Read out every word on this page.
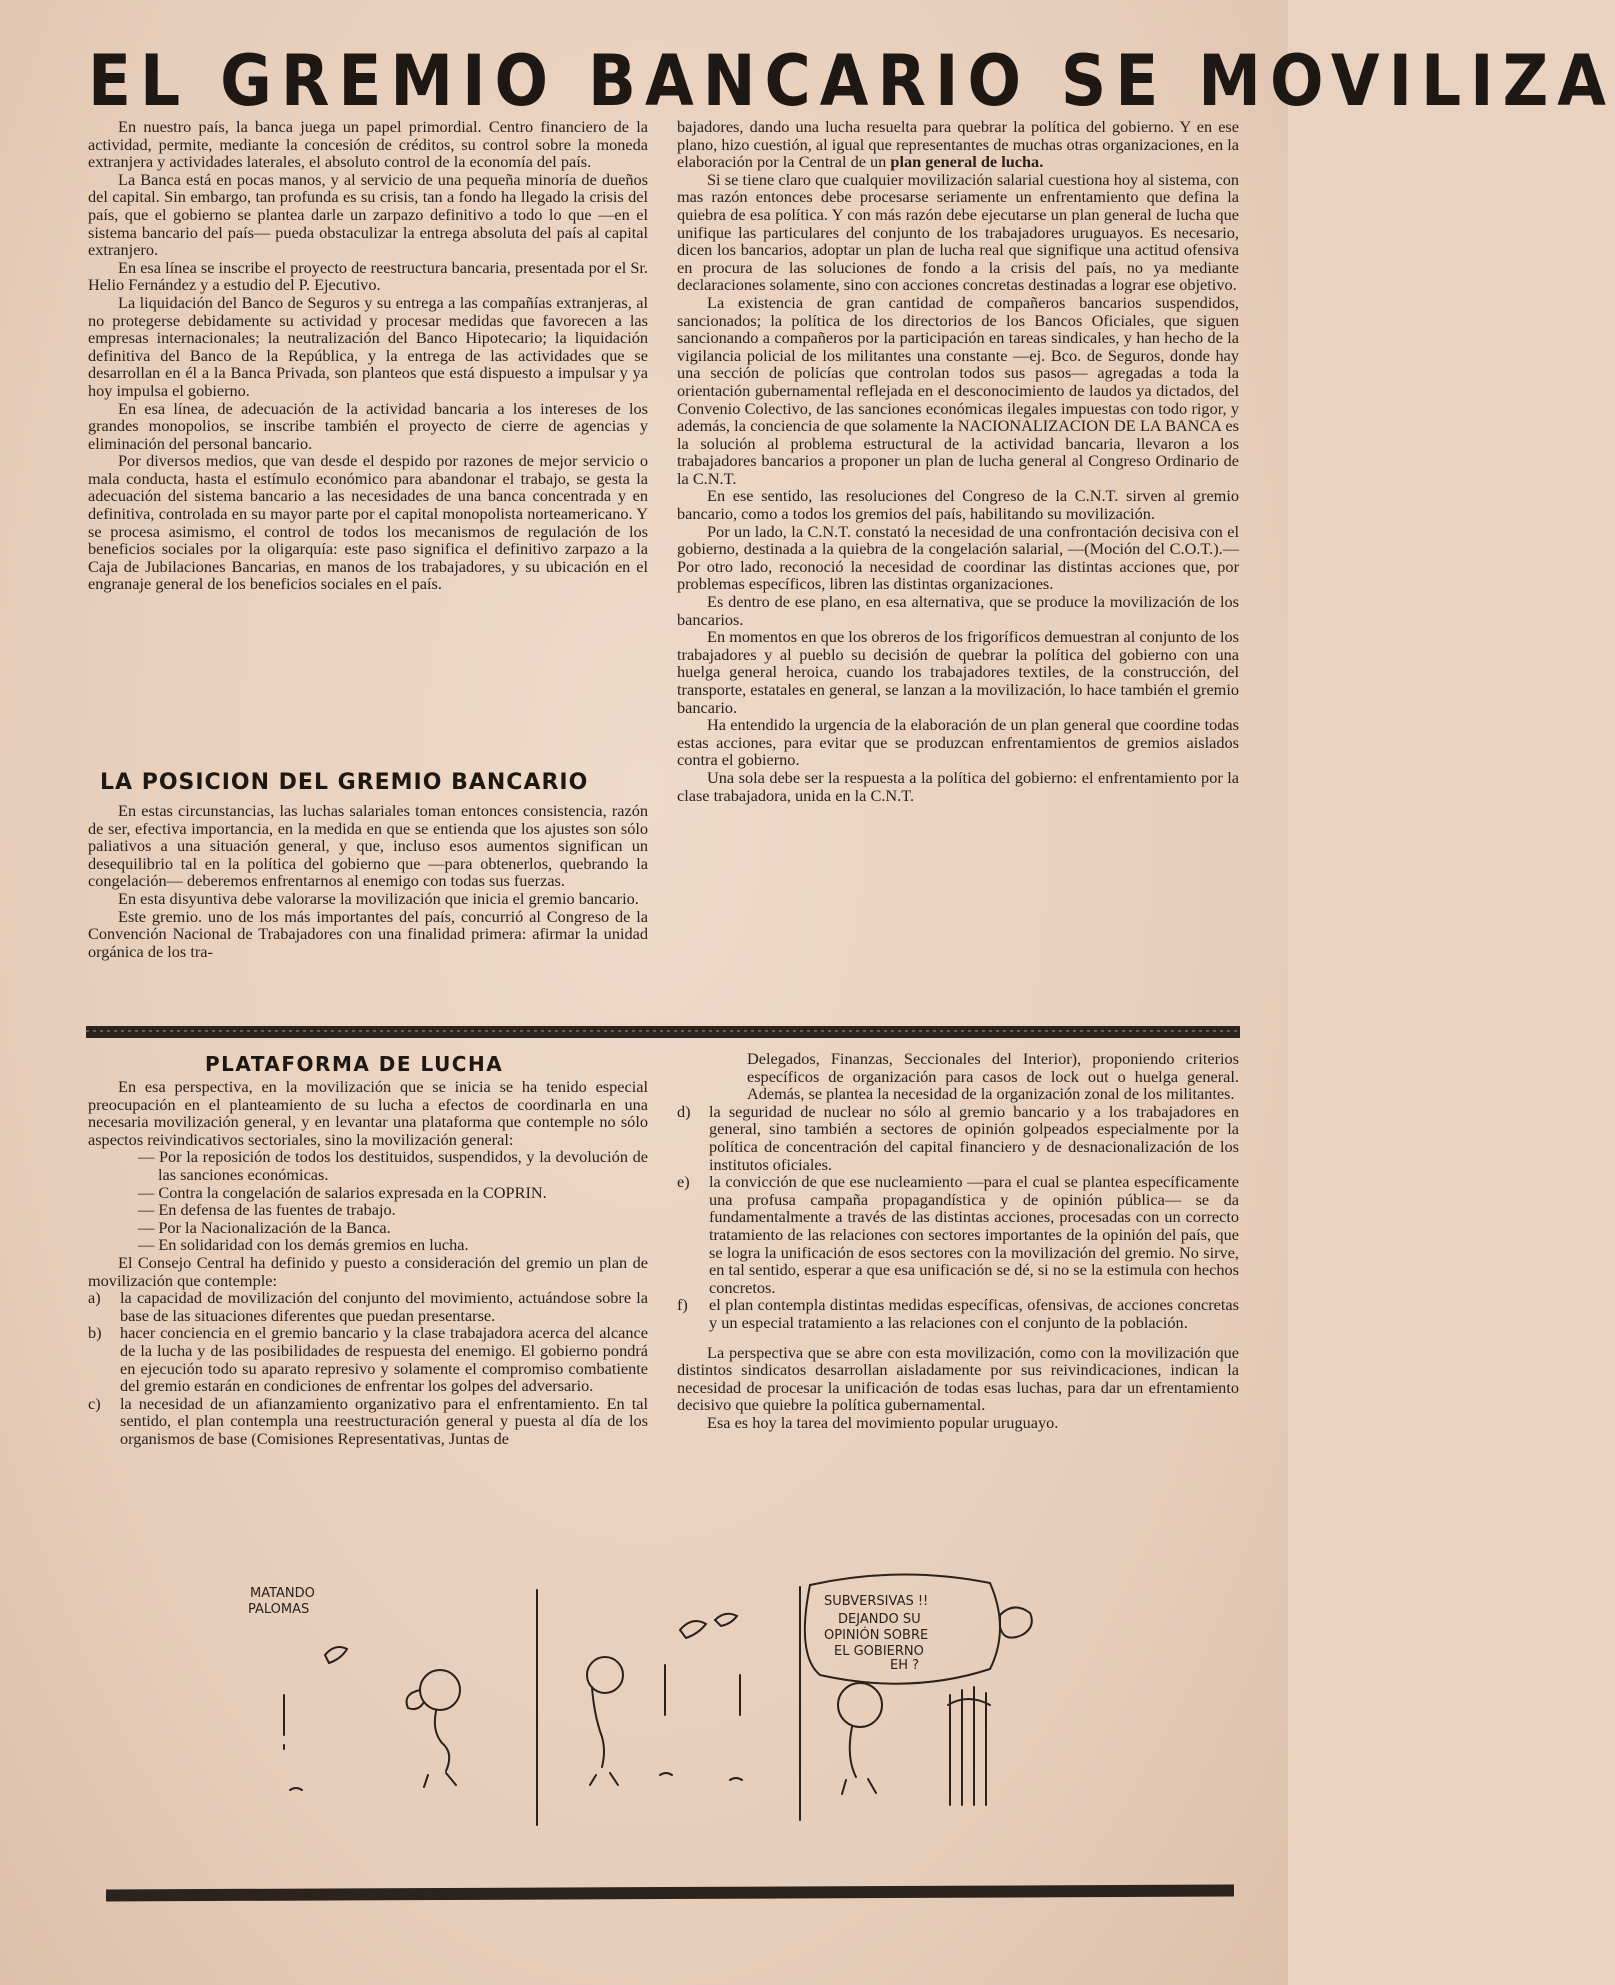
EL GREMIO BANCARIO SE MOVILIZA

En nuestro país, la banca juega un papel primordial. Centro financiero de la actividad, permite, mediante la concesión de créditos, su control sobre la moneda extranjera y actividades laterales, el absoluto control de la economía del país.

La Banca está en pocas manos, y al servicio de una pequeña minoría de dueños del capital. Sin embargo, tan profunda es su crisis, tan a fondo ha llegado la crisis del país, que el gobierno se plantea darle un zarpazo definitivo a todo lo que —en el sistema bancario del país— pueda obstaculizar la entrega absoluta del país al capital extranjero.

En esa línea se inscribe el proyecto de reestructura bancaria, presentada por el Sr. Helio Fernández y a estudio del P. Ejecutivo.

La liquidación del Banco de Seguros y su entrega a las compañías extranjeras, al no protegerse debidamente su actividad y procesar medidas que favorecen a las empresas internacionales; la neutralización del Banco Hipotecario; la liquidación definitiva del Banco de la República, y la entrega de las actividades que se desarrollan en él a la Banca Privada, son planteos que está dispuesto a impulsar y ya hoy impulsa el gobierno.

En esa línea, de adecuación de la actividad bancaria a los intereses de los grandes monopolios, se inscribe también el proyecto de cierre de agencias y eliminación del personal bancario.

Por diversos medios, que van desde el despido por razones de mejor servicio o mala conducta, hasta el estímulo económico para abandonar el trabajo, se gesta la adecuación del sistema bancario a las necesidades de una banca concentrada y en definitiva, controlada en su mayor parte por el capital monopolista norteamericano. Y se procesa asimismo, el control de todos los mecanismos de regulación de los beneficios sociales por la oligarquía: este paso significa el definitivo zarpazo a la Caja de Jubilaciones Bancarias, en manos de los trabajadores, y su ubicación en el engranaje general de los beneficios sociales en el país.

LA POSICION DEL GREMIO BANCARIO

En estas circunstancias, las luchas salariales toman entonces consistencia, razón de ser, efectiva importancia, en la medida en que se entienda que los ajustes son sólo paliativos a una situación general, y que, incluso esos aumentos significan un desequilibrio tal en la política del gobierno que —para obtenerlos, quebrando la congelación— deberemos enfrentarnos al enemigo con todas sus fuerzas.

En esta disyuntiva debe valorarse la movilización que inicia el gremio bancario.

Este gremio. uno de los más importantes del país, concurrió al Congreso de la Convención Nacional de Trabajadores con una finalidad primera: afirmar la unidad orgánica de los tra-

bajadores, dando una lucha resuelta para quebrar la política del gobierno. Y en ese plano, hizo cuestión, al igual que representantes de muchas otras organizaciones, en la elaboración por la Central de un plan general de lucha.

Si se tiene claro que cualquier movilización salarial cuestiona hoy al sistema, con mas razón entonces debe procesarse seriamente un enfrentamiento que defina la quiebra de esa política. Y con más razón debe ejecutarse un plan general de lucha que unifique las particulares del conjunto de los trabajadores uruguayos. Es necesario, dicen los bancarios, adoptar un plan de lucha real que signifique una actitud ofensiva en procura de las soluciones de fondo a la crisis del país, no ya mediante declaraciones solamente, sino con acciones concretas destinadas a lograr ese objetivo.

La existencia de gran cantidad de compañeros bancarios suspendidos, sancionados; la política de los directorios de los Bancos Oficiales, que siguen sancionando a compañeros por la participación en tareas sindicales, y han hecho de la vigilancia policial de los militantes una constante —ej. Bco. de Seguros, donde hay una sección de policías que controlan todos sus pasos— agregadas a toda la orientación gubernamental reflejada en el desconocimiento de laudos ya dictados, del Convenio Colectivo, de las sanciones económicas ilegales impuestas con todo rigor, y además, la conciencia de que solamente la NACIONALIZACION DE LA BANCA es la solución al problema estructural de la actividad bancaria, llevaron a los trabajadores bancarios a proponer un plan de lucha general al Congreso Ordinario de la C.N.T.

En ese sentido, las resoluciones del Congreso de la C.N.T. sirven al gremio bancario, como a todos los gremios del país, habilitando su movilización.

Por un lado, la C.N.T. constató la necesidad de una confrontación decisiva con el gobierno, destinada a la quiebra de la congelación salarial, —(Moción del C.O.T.).— Por otro lado, reconoció la necesidad de coordinar las distintas acciones que, por problemas específicos, libren las distintas organizaciones.

Es dentro de ese plano, en esa alternativa, que se produce la movilización de los bancarios.

En momentos en que los obreros de los frigoríficos demuestran al conjunto de los trabajadores y al pueblo su decisión de quebrar la política del gobierno con una huelga general heroica, cuando los trabajadores textiles, de la construcción, del transporte, estatales en general, se lanzan a la movilización, lo hace también el gremio bancario.

Ha entendido la urgencia de la elaboración de un plan general que coordine todas estas acciones, para evitar que se produzcan enfrentamientos de gremios aislados contra el gobierno.

Una sola debe ser la respuesta a la política del gobierno: el enfrentamiento por la clase trabajadora, unida en la C.N.T.

PLATAFORMA DE LUCHA

En esa perspectiva, en la movilización que se inicia se ha tenido especial preocupación en el planteamiento de su lucha a efectos de coordinarla en una necesaria movilización general, y en levantar una plataforma que contemple no sólo aspectos reivindicativos sectoriales, sino la movilización general:

— Por la reposición de todos los destituidos, suspendidos, y la devolución de las sanciones económicas.

— Contra la congelación de salarios expresada en la COPRIN.

— En defensa de las fuentes de trabajo.

— Por la Nacionalización de la Banca.

— En solidaridad con los demás gremios en lucha.

El Consejo Central ha definido y puesto a consideración del gremio un plan de movilización que contemple:

a)	la capacidad de movilización del conjunto del movimiento, actuándose sobre la base de las situaciones diferentes que puedan presentarse.
b)	hacer conciencia en el gremio bancario y la clase trabajadora acerca del alcance de la lucha y de las posibilidades de respuesta del enemigo. El gobierno pondrá en ejecución todo su aparato represivo y solamente el compromiso combatiente del gremio estarán en condiciones de enfrentar los golpes del adversario.
c)	la necesidad de un afianzamiento organizativo para el enfrentamiento. En tal sentido, el plan contempla una reestructuración general y puesta al día de los organismos de base (Comisiones Representativas, Juntas de

Delegados, Finanzas, Seccionales del Interior), proponiendo criterios específicos de organización para casos de lock out o huelga general. Además, se plantea la necesidad de la organización zonal de los militantes.

d)	la seguridad de nuclear no sólo al gremio bancario y a los trabajadores en general, sino también a sectores de opinión golpeados especialmente por la política de concentración del capital financiero y de desnacionalización de los institutos oficiales.
e)	la convicción de que ese nucleamiento —para el cual se plantea específicamente una profusa campaña propagandística y de opinión pública— se da fundamentalmente a través de las distintas acciones, procesadas con un correcto tratamiento de las relaciones con sectores importantes de la opinión del país, que se logra la unificación de esos sectores con la movilización del gremio. No sirve, en tal sentido, esperar a que esa unificación se dé, si no se la estimula con hechos concretos.
f)	el plan contempla distintas medidas específicas, ofensivas, de acciones concretas y un especial tratamiento a las relaciones con el conjunto de la población.

La perspectiva que se abre con esta movilización, como con la movilización que distintos sindicatos desarrollan aisladamente por sus reivindicaciones, indican la necesidad de procesar la unificación de todas esas luchas, para dar un efrentamiento decisivo que quiebre la política gubernamental.

Esa es hoy la tarea del movimiento popular uruguayo.

MATANDO
PALOMAS
SUBVERSIVAS !!
DEJANDO SU
OPINIÓN SOBRE
EL GOBIERNO
EH ?
